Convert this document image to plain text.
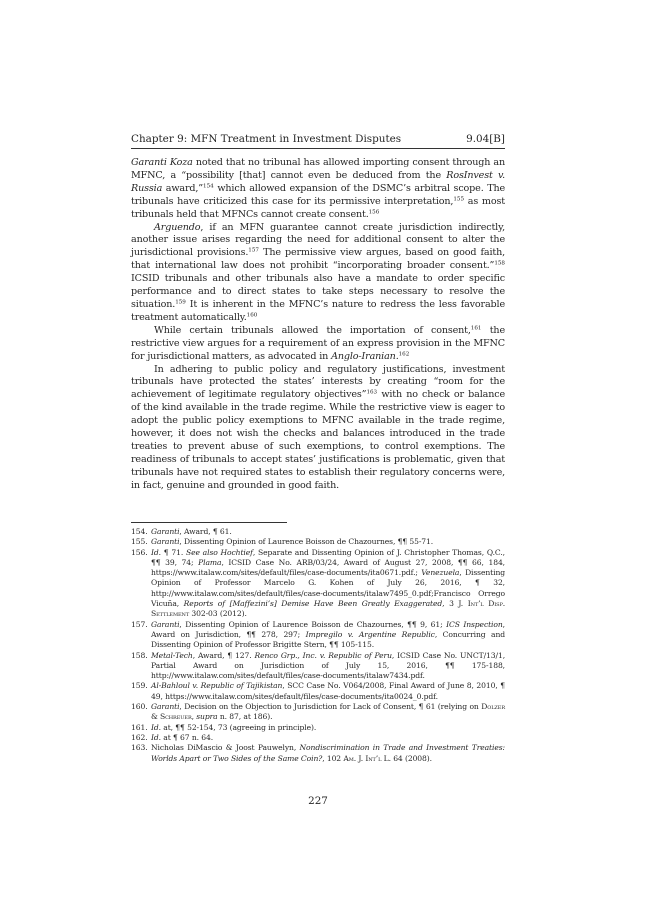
Chapter 9: MFN Treatment in Investment Disputes	9.04[B]

Garanti Koza noted that no tribunal has allowed importing consent through an MFNC, a “possibility [that] cannot even be deduced from the RosInvest v. Russia award,”$^{154}$ which allowed expansion of the DSMC’s arbitral scope. The tribunals have criticized this case for its permissive interpretation,$^{155}$ as most tribunals held that MFNCs cannot create consent.$^{156}$

Arguendo, if an MFN guarantee cannot create jurisdiction indirectly, another issue arises regarding the need for additional consent to alter the jurisdictional provisions.$^{157}$ The permissive view argues, based on good faith, that international law does not prohibit “incorporating broader consent.”$^{158}$ ICSID tribunals and other tribunals also have a mandate to order specific performance and to direct states to take steps necessary to resolve the situation.$^{159}$ It is inherent in the MFNC’s nature to redress the less favorable treatment automatically.$^{160}$

While certain tribunals allowed the importation of consent,$^{161}$ the restrictive view argues for a requirement of an express provision in the MFNC for jurisdictional matters, as advocated in Anglo-Iranian.$^{162}$

In adhering to public policy and regulatory justifications, investment tribunals have protected the states’ interests by creating “room for the achievement of legitimate regulatory objectives”$^{163}$ with no check or balance of the kind available in the trade regime. While the restrictive view is eager to adopt the public policy exemptions to MFNC available in the trade regime, however, it does not wish the checks and balances introduced in the trade treaties to prevent abuse of such exemptions, to control exemptions. The readiness of tribunals to accept states’ justifications is problematic, given that tribunals have not required states to establish their regulatory concerns were, in fact, genuine and grounded in good faith.

154. Garanti, Award, ¶ 61.
155. Garanti, Dissenting Opinion of Laurence Boisson de Chazournes, ¶¶ 55-71.
156. Id. ¶ 71. See also Hochtief, Separate and Dissenting Opinion of J. Christopher Thomas, Q.C., ¶¶ 39, 74; Plama, ICSID Case No. ARB/03/24, Award of August 27, 2008, ¶¶ 66, 184, https://www.italaw.com/sites/default/files/case-documents/ita0671.pdf.; Venezuela, Dissenting Opinion of Professor Marcelo G. Kohen of July 26, 2016, ¶ 32, http://www.italaw.com/sites/default/files/case-documents/italaw7495_0.pdf;Francisco Orrego Vicuña, Reports of [Maffezini’s] Demise Have Been Greatly Exaggerated, 3 J. Int’l Disp. Settlement 302-03 (2012).
157. Garanti, Dissenting Opinion of Laurence Boisson de Chazournes, ¶¶ 9, 61; ICS Inspection, Award on Jurisdiction, ¶¶ 278, 297; Impregilo v. Argentine Republic, Concurring and Dissenting Opinion of Professor Brigitte Stern, ¶¶ 105-115.
158. Metal-Tech, Award, ¶ 127. Renco Grp., Inc. v. Republic of Peru, ICSID Case No. UNCT/13/1, Partial Award on Jurisdiction of July 15, 2016, ¶¶ 175-188, http://www.italaw.com/sites/default/files/case-documents/italaw7434.pdf.
159. Al-Bahloul v. Republic of Tajikistan, SCC Case No. V064/2008, Final Award of June 8, 2010, ¶ 49, https://www.italaw.com/sites/default/files/case-documents/ita0024_0.pdf.
160. Garanti, Decision on the Objection to Jurisdiction for Lack of Consent, ¶ 61 (relying on Dolzer & Schreuer, supra n. 87, at 186).
161. Id. at, ¶¶ 52-154, 73 (agreeing in principle).
162. Id. at ¶ 67 n. 64.
163. Nicholas DiMascio & Joost Pauwelyn, Nondiscrimination in Trade and Investment Treaties: Worlds Apart or Two Sides of the Same Coin?, 102 Am. J. Int’l L. 64 (2008).
227
